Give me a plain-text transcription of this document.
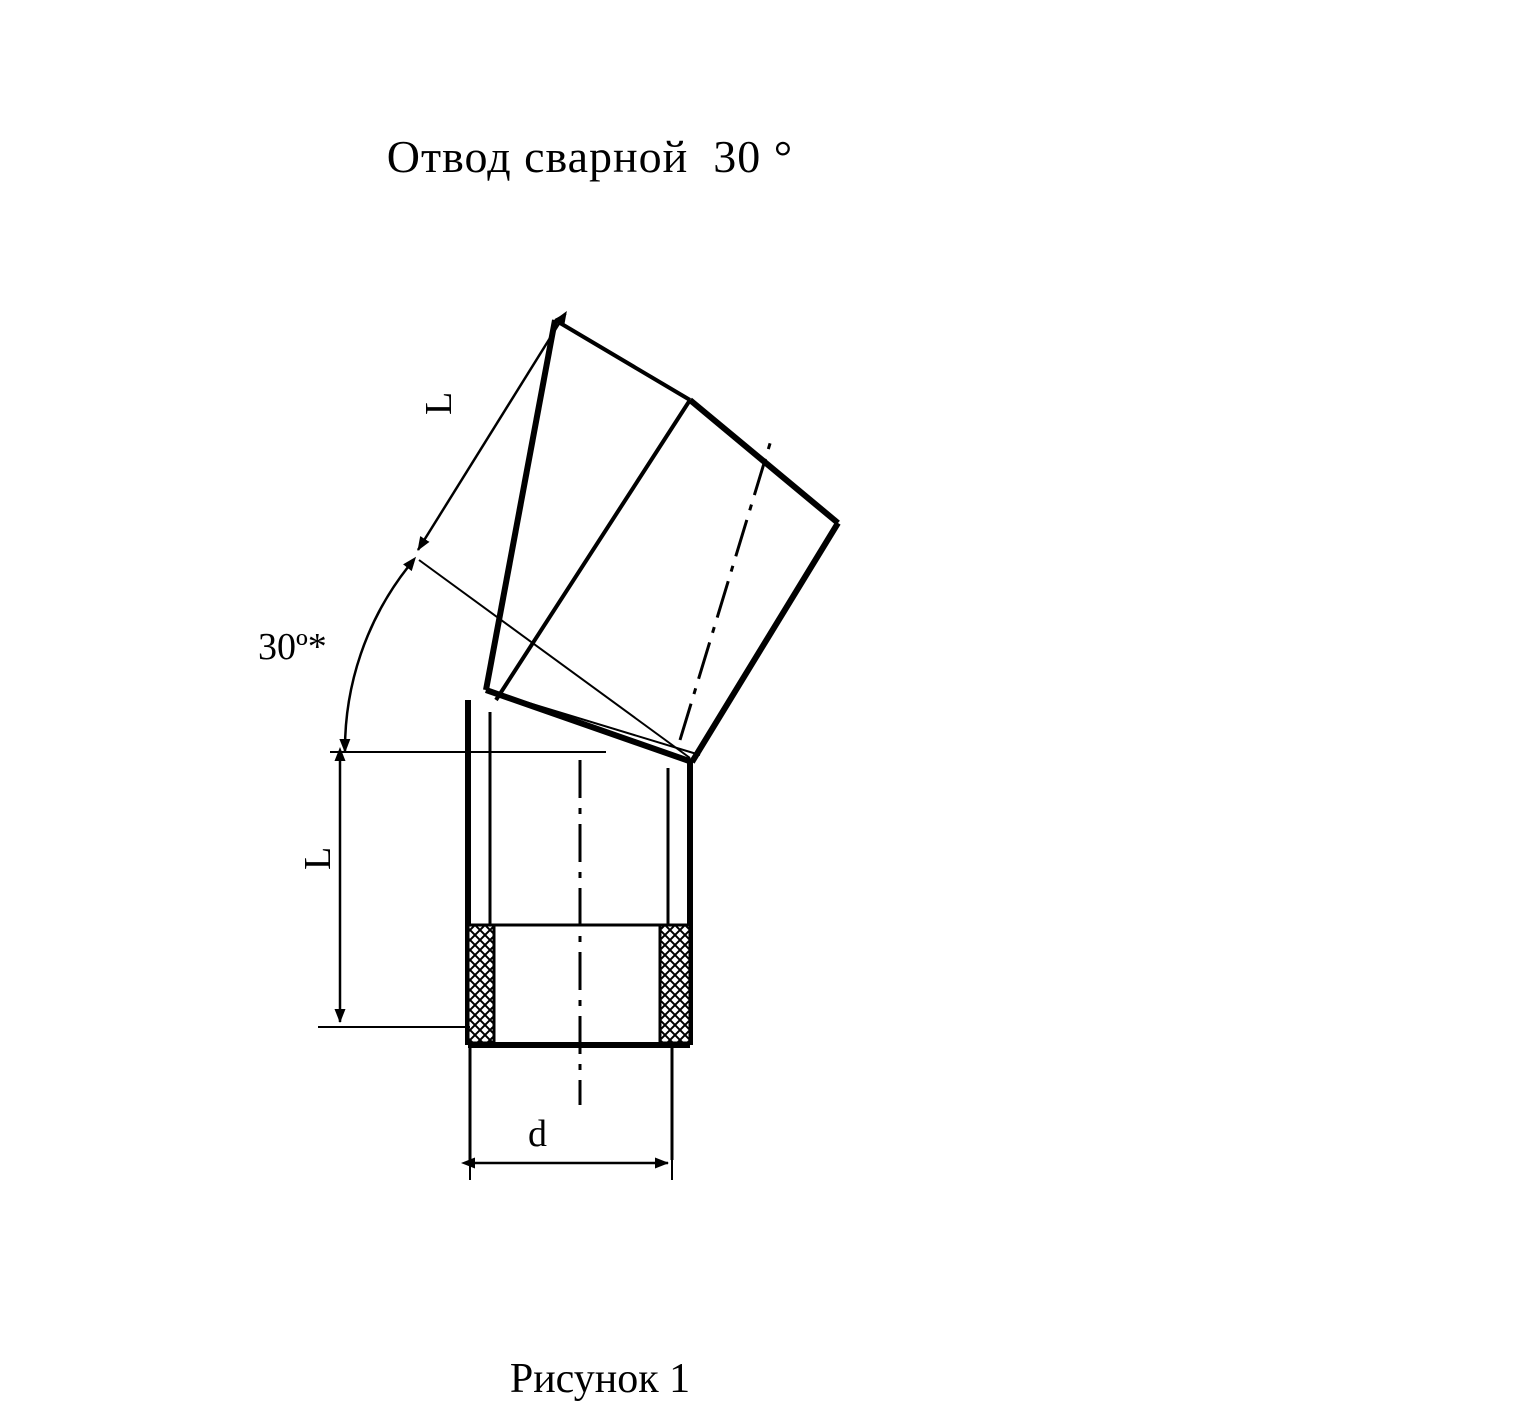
Отвод сварной  30 °
L
L
30º*
d
Рисунок 1
